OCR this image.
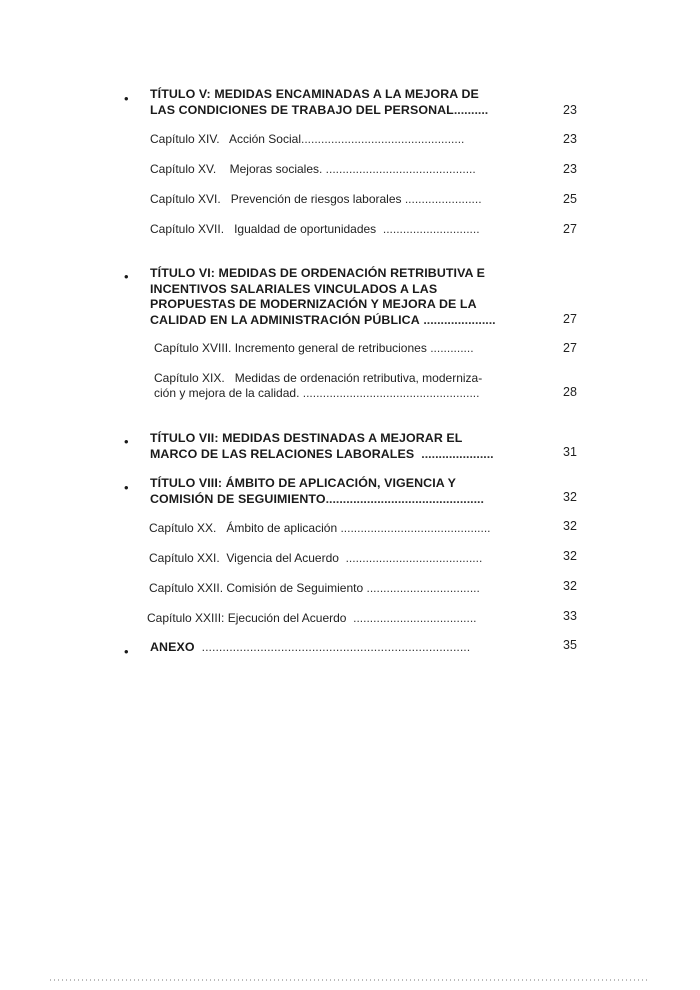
• TÍTULO V: MEDIDAS ENCAMINADAS A LA MEJORA DE
LAS CONDICIONES DE TRABAJO DEL PERSONAL..........	23
Capítulo XIV. Acción Social.................................................	23
Capítulo XV. Mejoras sociales. .............................................	23
Capítulo XVI. Prevención de riesgos laborales .......................	25
Capítulo XVII. Igualdad de oportunidades .............................	27
• TÍTULO VI: MEDIDAS DE ORDENACIÓN RETRIBUTIVA E
INCENTIVOS SALARIALES VINCULADOS A LAS
PROPUESTAS DE MODERNIZACIÓN Y MEJORA DE LA
CALIDAD EN LA ADMINISTRACIÓN PÚBLICA .....................	27
Capítulo XVIII. Incremento general de retribuciones .............	27
Capítulo XIX. Medidas de ordenación retributiva, moderniza-
ción y mejora de la calidad. .....................................................	28
• TÍTULO VII: MEDIDAS DESTINADAS A MEJORAR EL
MARCO DE LAS RELACIONES LABORALES .....................	31
• TÍTULO VIII: ÁMBITO DE APLICACIÓN, VIGENCIA Y
COMISIÓN DE SEGUIMIENTO..............................................	32
Capítulo XX. Ámbito de aplicación .............................................	32
Capítulo XXI. Vigencia del Acuerdo .........................................	32
Capítulo XXII. Comisión de Seguimiento ..................................	32
Capítulo XXIII: Ejecución del Acuerdo .....................................	33
• ANEXO ..............................................................................	35
